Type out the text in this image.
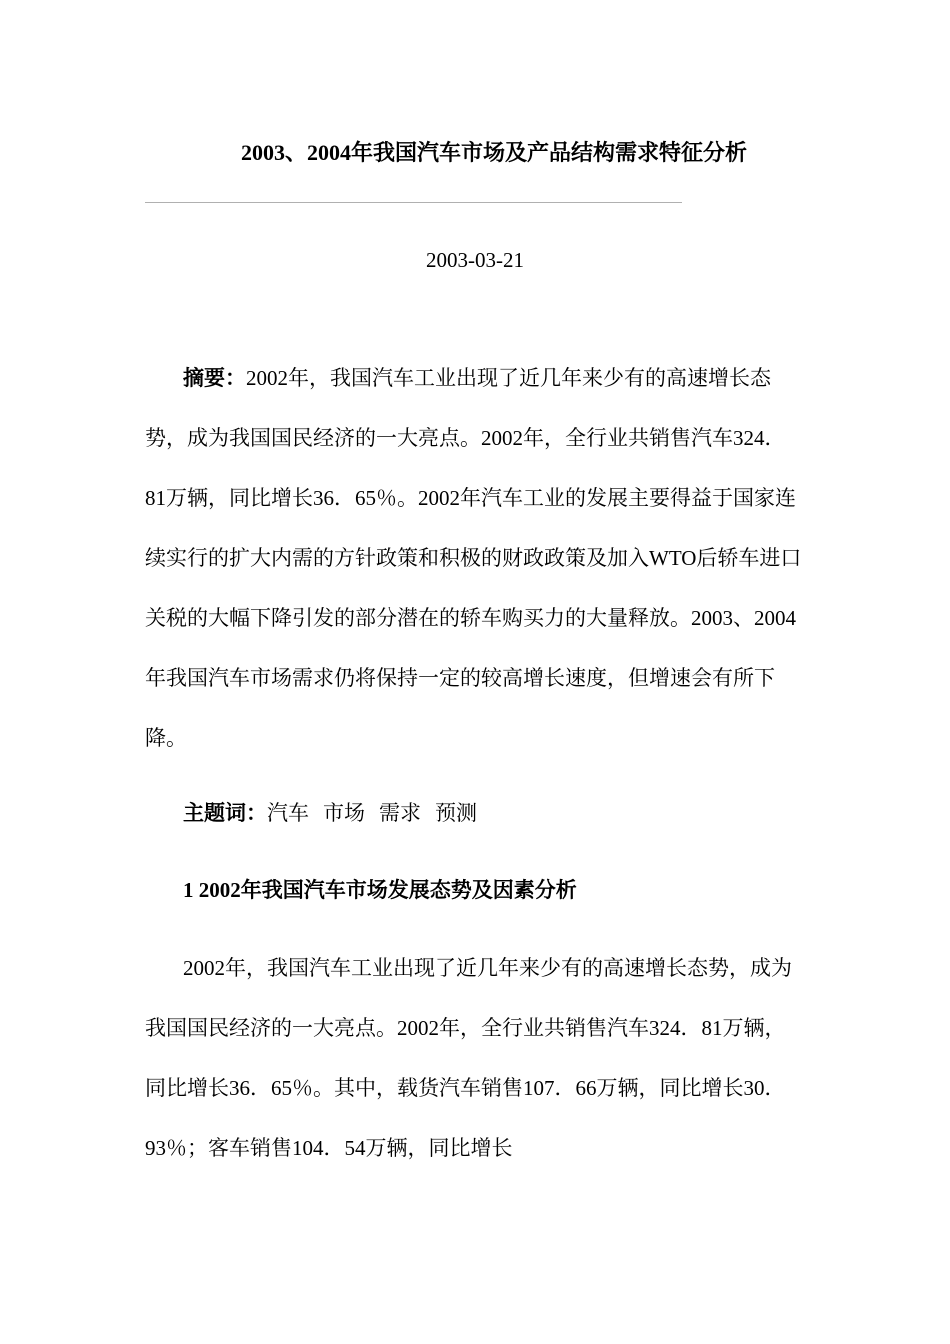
2003、2004年我国汽车市场及产品结构需求特征分析
2003-03-21
摘要：2002年，我国汽车工业出现了近几年来少有的高速增长态势，成为我国国民经济的一大亮点。2002年，全行业共销售汽车324．81万辆，同比增长36．65％。2002年汽车工业的发展主要得益于国家连续实行的扩大内需的方针政策和积极的财政政策及加入WTO后轿车进口关税的大幅下降引发的部分潜在的轿车购买力的大量释放。2003、2004年我国汽车市场需求仍将保持一定的较高增长速度，但增速会有所下降。
主题词：汽车 市场 需求 预测
1 2002年我国汽车市场发展态势及因素分析
2002年，我国汽车工业出现了近几年来少有的高速增长态势，成为我国国民经济的一大亮点。2002年，全行业共销售汽车324．81万辆，同比增长36．65％。其中，载货汽车销售107．66万辆，同比增长30．93％；客车销售104．54万辆，同比增长
